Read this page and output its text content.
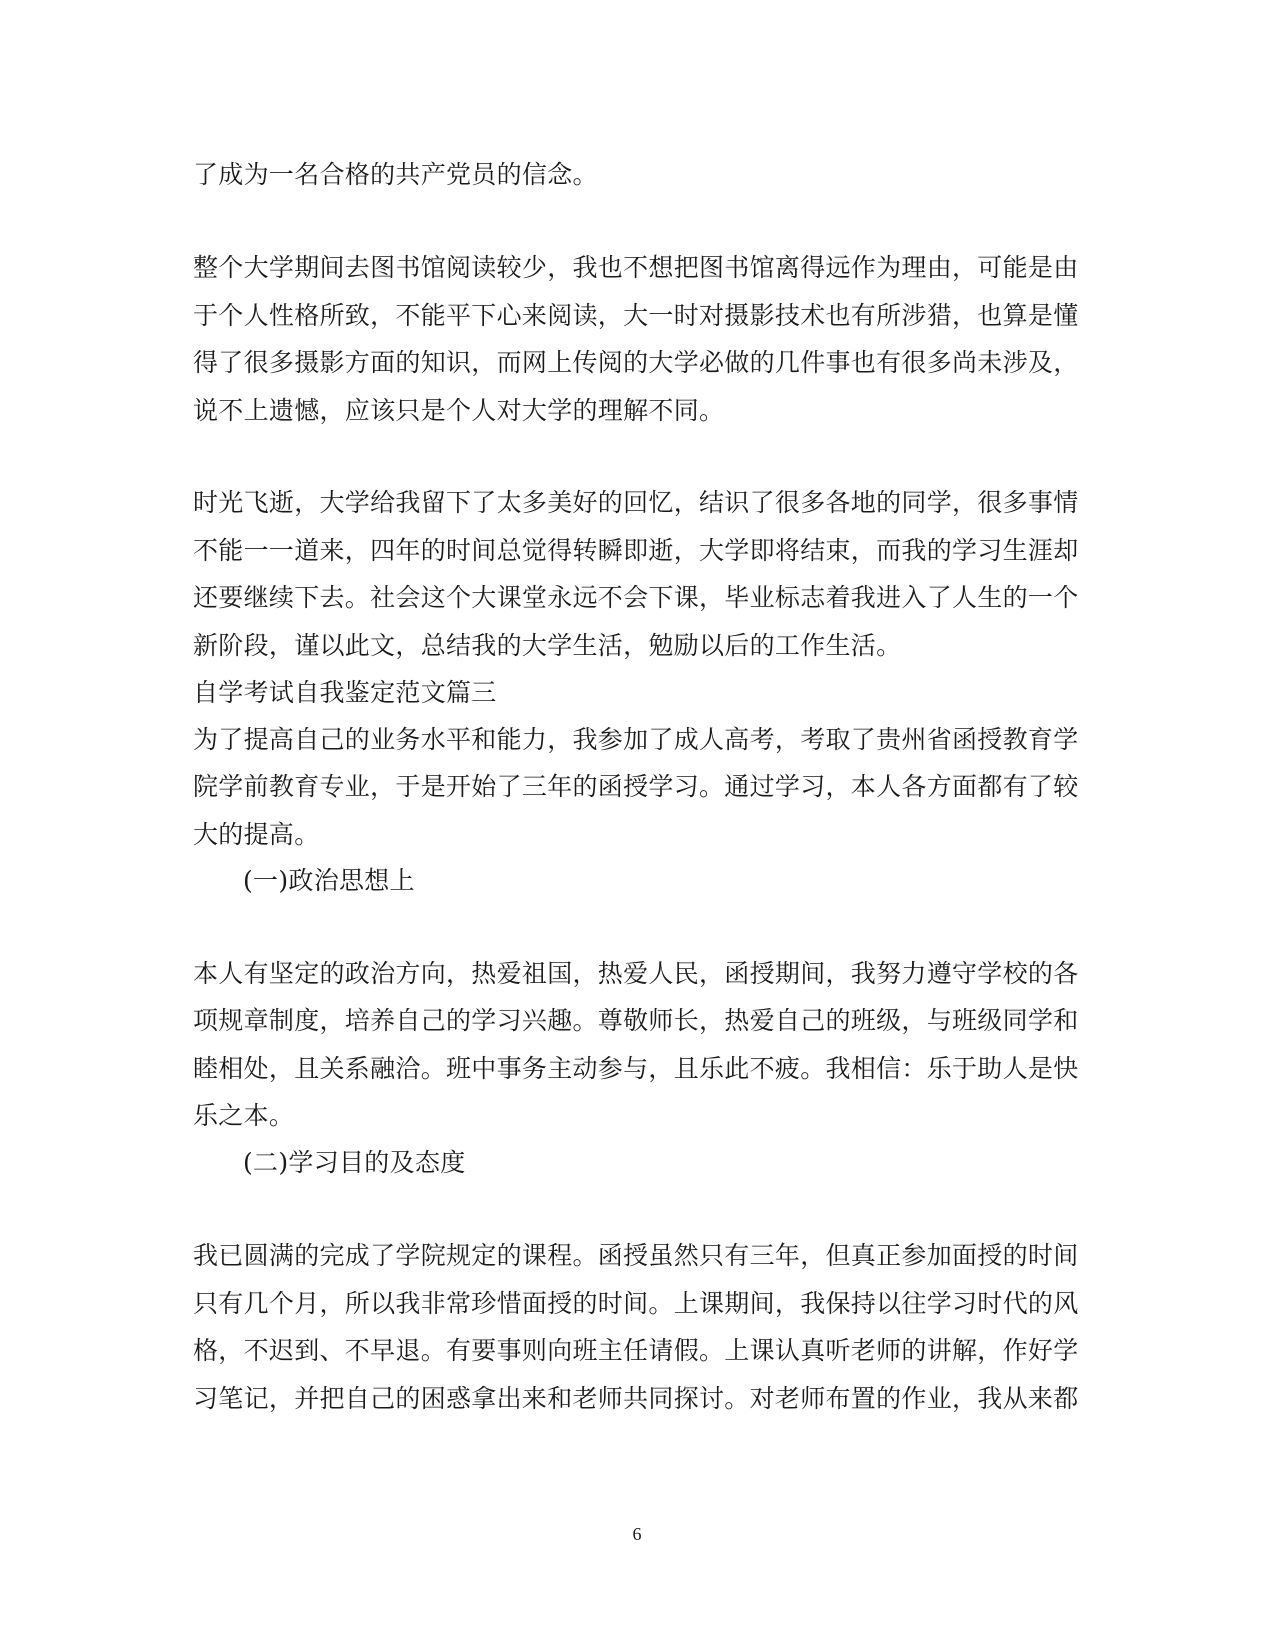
了成为一名合格的共产党员的信念。
整个大学期间去图书馆阅读较少，我也不想把图书馆离得远作为理由，可能是由
于个人性格所致，不能平下心来阅读，大一时对摄影技术也有所涉猎，也算是懂
得了很多摄影方面的知识，而网上传阅的大学必做的几件事也有很多尚未涉及，
说不上遗憾，应该只是个人对大学的理解不同。
时光飞逝，大学给我留下了太多美好的回忆，结识了很多各地的同学，很多事情
不能一一道来，四年的时间总觉得转瞬即逝，大学即将结束，而我的学习生涯却
还要继续下去。社会这个大课堂永远不会下课，毕业标志着我进入了人生的一个
新阶段，谨以此文，总结我的大学生活，勉励以后的工作生活。
自学考试自我鉴定范文篇三
为了提高自己的业务水平和能力，我参加了成人高考，考取了贵州省函授教育学
院学前教育专业，于是开始了三年的函授学习。通过学习，本人各方面都有了较
大的提高。
(一)政治思想上
本人有坚定的政治方向，热爱祖国，热爱人民，函授期间，我努力遵守学校的各
项规章制度，培养自己的学习兴趣。尊敬师长，热爱自己的班级，与班级同学和
睦相处，且关系融洽。班中事务主动参与，且乐此不疲。我相信：乐于助人是快
乐之本。
(二)学习目的及态度
我已圆满的完成了学院规定的课程。函授虽然只有三年，但真正参加面授的时间
只有几个月，所以我非常珍惜面授的时间。上课期间，我保持以往学习时代的风
格，不迟到、不早退。有要事则向班主任请假。上课认真听老师的讲解，作好学
习笔记，并把自己的困惑拿出来和老师共同探讨。对老师布置的作业，我从来都
6
